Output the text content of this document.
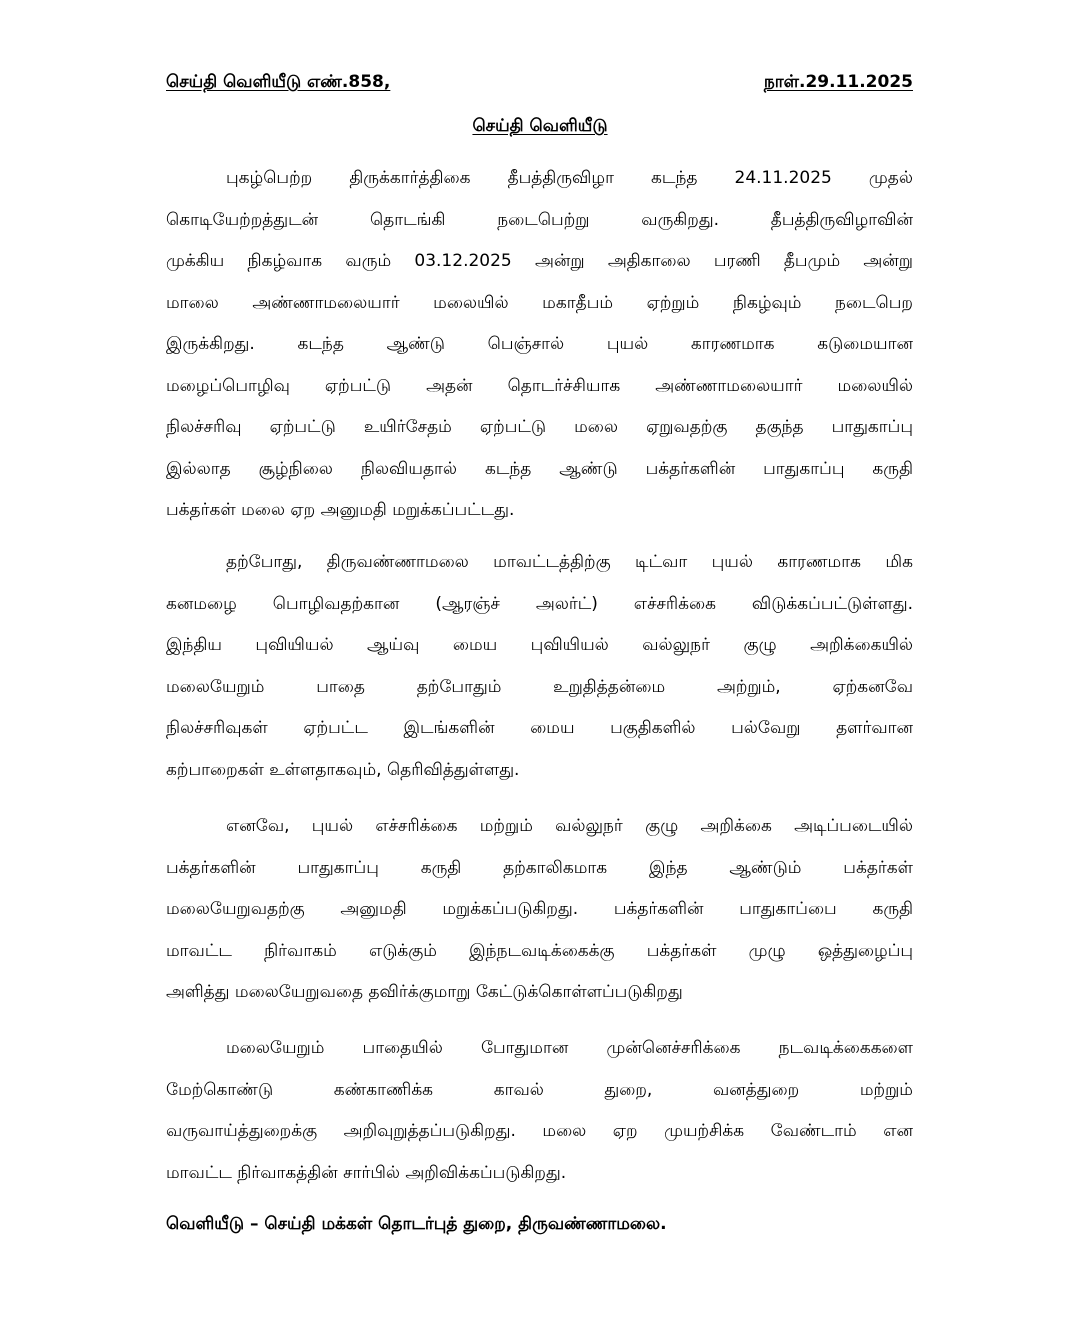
செய்தி வெளியீடு எண்.858,	நாள்.29.11.2025
செய்தி வெளியீடு
புகழ்பெற்ற திருக்கார்த்திகை தீபத்திருவிழா கடந்த 24.11.2025 முதல்
கொடியேற்றத்துடன் தொடங்கி நடைபெற்று வருகிறது. தீபத்திருவிழாவின்
முக்கிய நிகழ்வாக வரும் 03.12.2025 அன்று அதிகாலை பரணி தீபமும் அன்று
மாலை அண்ணாமலையார் மலையில் மகாதீபம் ஏற்றும் நிகழ்வும் நடைபெற
இருக்கிறது. கடந்த ஆண்டு பெஞ்சால் புயல் காரணமாக கடுமையான
மழைப்பொழிவு ஏற்பட்டு அதன் தொடர்ச்சியாக அண்ணாமலையார் மலையில்
நிலச்சரிவு ஏற்பட்டு உயிர்சேதம் ஏற்பட்டு மலை ஏறுவதற்கு தகுந்த பாதுகாப்பு
இல்லாத சூழ்நிலை நிலவியதால் கடந்த ஆண்டு பக்தர்களின் பாதுகாப்பு கருதி
பக்தர்கள் மலை ஏற அனுமதி மறுக்கப்பட்டது.
தற்போது, திருவண்ணாமலை மாவட்டத்திற்கு டிட்வா புயல் காரணமாக மிக
கனமழை பொழிவதற்கான (ஆரஞ்ச் அலர்ட்) எச்சரிக்கை விடுக்கப்பட்டுள்ளது.
இந்திய புவியியல் ஆய்வு மைய புவியியல் வல்லுநர் குழு அறிக்கையில்
மலையேறும் பாதை தற்போதும் உறுதித்தன்மை அற்றும், ஏற்கனவே
நிலச்சரிவுகள் ஏற்பட்ட இடங்களின் மைய பகுதிகளில் பல்வேறு தளர்வான
கற்பாறைகள் உள்ளதாகவும், தெரிவித்துள்ளது.
எனவே, புயல் எச்சரிக்கை மற்றும் வல்லுநர் குழு அறிக்கை அடிப்படையில்
பக்தர்களின் பாதுகாப்பு கருதி தற்காலிகமாக இந்த ஆண்டும் பக்தர்கள்
மலையேறுவதற்கு அனுமதி மறுக்கப்படுகிறது. பக்தர்களின் பாதுகாப்பை கருதி
மாவட்ட நிர்வாகம் எடுக்கும் இந்நடவடிக்கைக்கு பக்தர்கள் முழு ஒத்துழைப்பு
அளித்து மலையேறுவதை தவிர்க்குமாறு கேட்டுக்கொள்ளப்படுகிறது
மலையேறும் பாதையில் போதுமான முன்னெச்சரிக்கை நடவடிக்கைகளை
மேற்கொண்டு கண்காணிக்க காவல் துறை, வனத்துறை மற்றும்
வருவாய்த்துறைக்கு அறிவுறுத்தப்படுகிறது. மலை ஏற முயற்சிக்க வேண்டாம் என
மாவட்ட நிர்வாகத்தின் சார்பில் அறிவிக்கப்படுகிறது.
வெளியீடு – செய்தி மக்கள் தொடர்புத் துறை, திருவண்ணாமலை.
